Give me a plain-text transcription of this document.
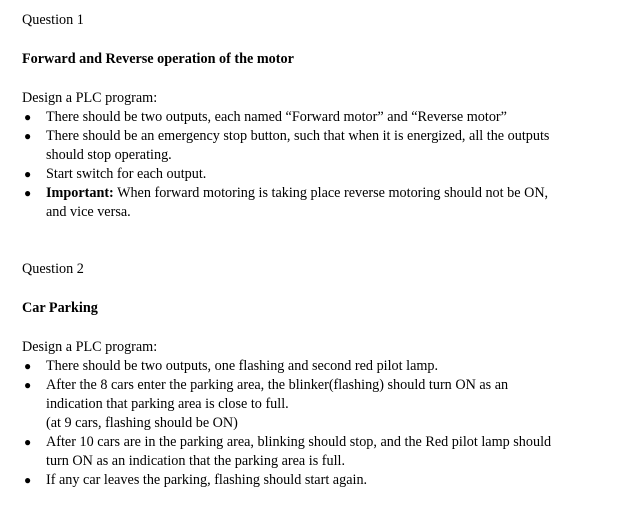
Question 1

Forward and Reverse operation of the motor

Design a PLC program:

● There should be two outputs, each named “Forward motor” and “Reverse motor”
● There should be an emergency stop button, such that when it is energized, all the outputs
should stop operating.
● Start switch for each output.
● Important: When forward motoring is taking place reverse motoring should not be ON,
and vice versa.

Question 2

Car Parking

Design a PLC program:

● There should be two outputs, one flashing and second red pilot lamp.
● After the 8 cars enter the parking area, the blinker(flashing) should turn ON as an
indication that parking area is close to full.
(at 9 cars, flashing should be ON)
● After 10 cars are in the parking area, blinking should stop, and the Red pilot lamp should
turn ON as an indication that the parking area is full.
● If any car leaves the parking, flashing should start again.
